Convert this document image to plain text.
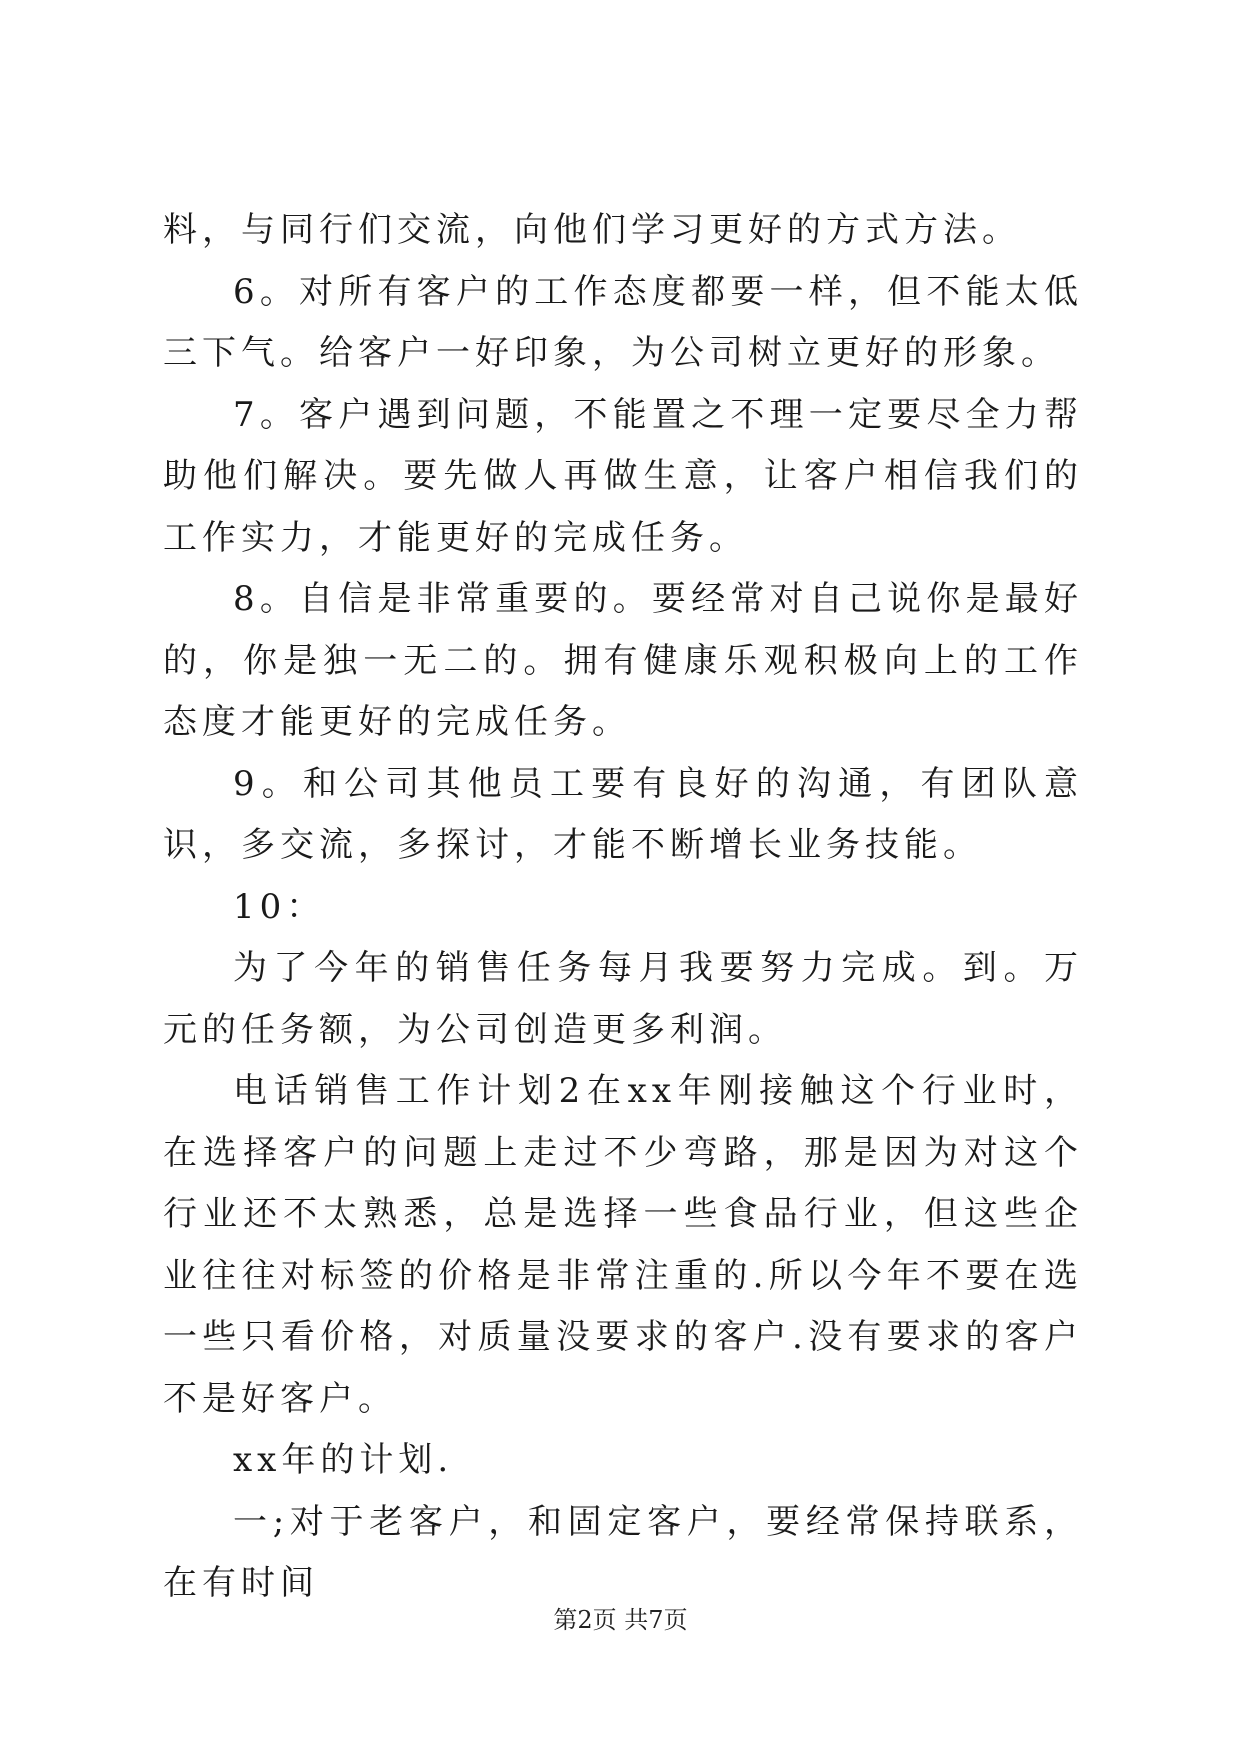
料，与同行们交流，向他们学习更好的方式方法。

6。对所有客户的工作态度都要一样，但不能太低三下气。给客户一好印象，为公司树立更好的形象。

7。客户遇到问题，不能置之不理一定要尽全力帮助他们解决。要先做人再做生意，让客户相信我们的工作实力，才能更好的完成任务。

8。自信是非常重要的。要经常对自己说你是最好的，你是独一无二的。拥有健康乐观积极向上的工作态度才能更好的完成任务。

9。和公司其他员工要有良好的沟通，有团队意识，多交流，多探讨，才能不断增长业务技能。

10：

为了今年的销售任务每月我要努力完成。到。万元的任务额，为公司创造更多利润。

电话销售工作计划2在xx年刚接触这个行业时，在选择客户的问题上走过不少弯路，那是因为对这个行业还不太熟悉，总是选择一些食品行业，但这些企业往往对标签的价格是非常注重的.所以今年不要在选一些只看价格，对质量没要求的客户.没有要求的客户不是好客户。

xx年的计划.

一;对于老客户，和固定客户，要经常保持联系，在有时间

第2页 共7页
